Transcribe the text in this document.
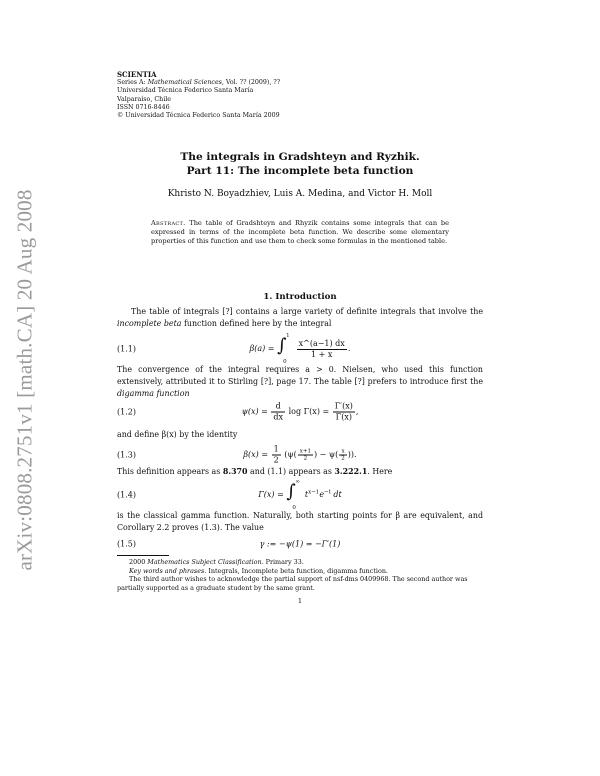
arXiv:0808.2751v1 [math.CA] 20 Aug 2008
SCIENTIA
Series A: Mathematical Sciences, Vol. ?? (2009), ??
Universidad Técnica Federico Santa María
Valparaíso, Chile
ISSN 0716-8446
© Universidad Técnica Federico Santa María 2009
The integrals in Gradshteyn and Ryzhik.
Part 11: The incomplete beta function
Khristo N. Boyadzhiev, Luis A. Medina, and Victor H. Moll
Abstract. The table of Gradshteyn and Rhyzik contains some integrals that can be expressed in terms of the incomplete beta function. We describe some elementary properties of this function and use them to check some formulas in the mentioned table.
1. Introduction
The table of integrals [?] contains a large variety of definite integrals that involve the incomplete beta function defined here by the integral
(1.1)	β(a) = ∫ 1
0

$\frac{x\^{}(a-1) dx}{1 + x}$ .
The convergence of the integral requires a > 0. Nielsen, who used this function extensively, attributed it to Stirling [?], page 17. The table [?] prefers to introduce first the digamma function
(1.2)	$\psi(x) = \frac{d}{dx}$ $\log \Gamma(x) = \frac{\Gamma'(x)}{\Gamma(x)}$ ,
and define β(x) by the identity
(1.3)	$\beta(x) = \frac{1}{2} (\psi( \frac{x+1}{2}$ ) − $\psi( \frac{x}{2}$ )).
This definition appears as 8.370 and (1.1) appears as 3.222.1. Here
(1.4)	Γ(x) = ∫ ∞
0
$t^{x-1}e^{-t}$ dt
is the classical gamma function. Naturally, both starting points for β are equivalent, and Corollary 2.2 proves (1.3). The value
(1.5)	γ := −ψ(1) = −Γ′(1)
2000 Mathematics Subject Classification. Primary 33.
Key words and phrases. Integrals, Incomplete beta function, digamma function.
The third author wishes to acknowledge the partial support of nsf-dms 0409968. The second author was partially supported as a graduate student by the same grant.
1
